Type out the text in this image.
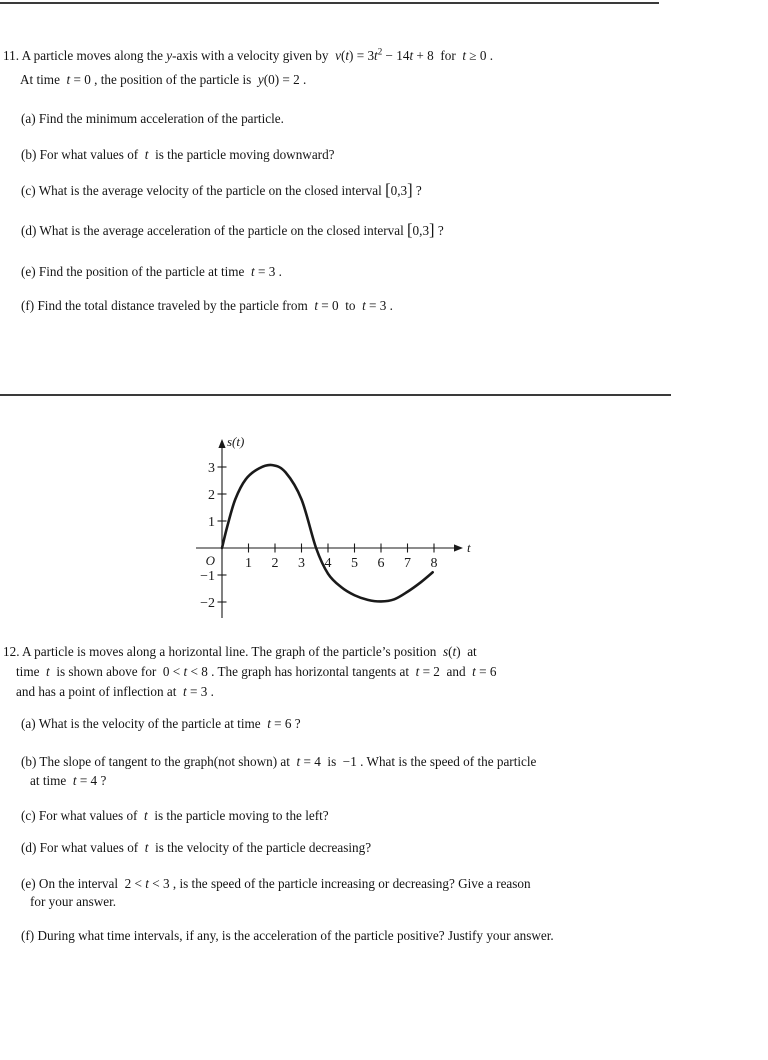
11. A particle moves along the y-axis with a velocity given by  $v(t) = 3t^2 - 14t + 8$  for  t ≥ 0 .
At time  t = 0 , the position of the particle is  y(0) = 2 .
(a) Find the minimum acceleration of the particle.
(b) For what values of  t  is the particle moving downward?
(c) What is the average velocity of the particle on the closed interval [0,3] ?
(d) What is the average acceleration of the particle on the closed interval [0,3] ?
(e) Find the position of the particle at time  t = 3 .
(f) Find the total distance traveled by the particle from  t = 0  to  t = 3 .
1 2 3 4 5 6 7 8
3
2
1
−1
−2
s(t)
t
O
12. A particle is moves along a horizontal line. The graph of the particle’s position  s(t)  at
time  t  is shown above for  0 < t < 8 . The graph has horizontal tangents at  t = 2  and  t = 6
and has a point of inflection at  t = 3 .
(a) What is the velocity of the particle at time  t = 6 ?
(b) The slope of tangent to the graph(not shown) at  t = 4  is  −1 . What is the speed of the particle
at time  t = 4 ?
(c) For what values of  t  is the particle moving to the left?
(d) For what values of  t  is the velocity of the particle decreasing?
(e) On the interval  2 < t < 3 , is the speed of the particle increasing or decreasing? Give a reason
for your answer.
(f) During what time intervals, if any, is the acceleration of the particle positive? Justify your answer.
